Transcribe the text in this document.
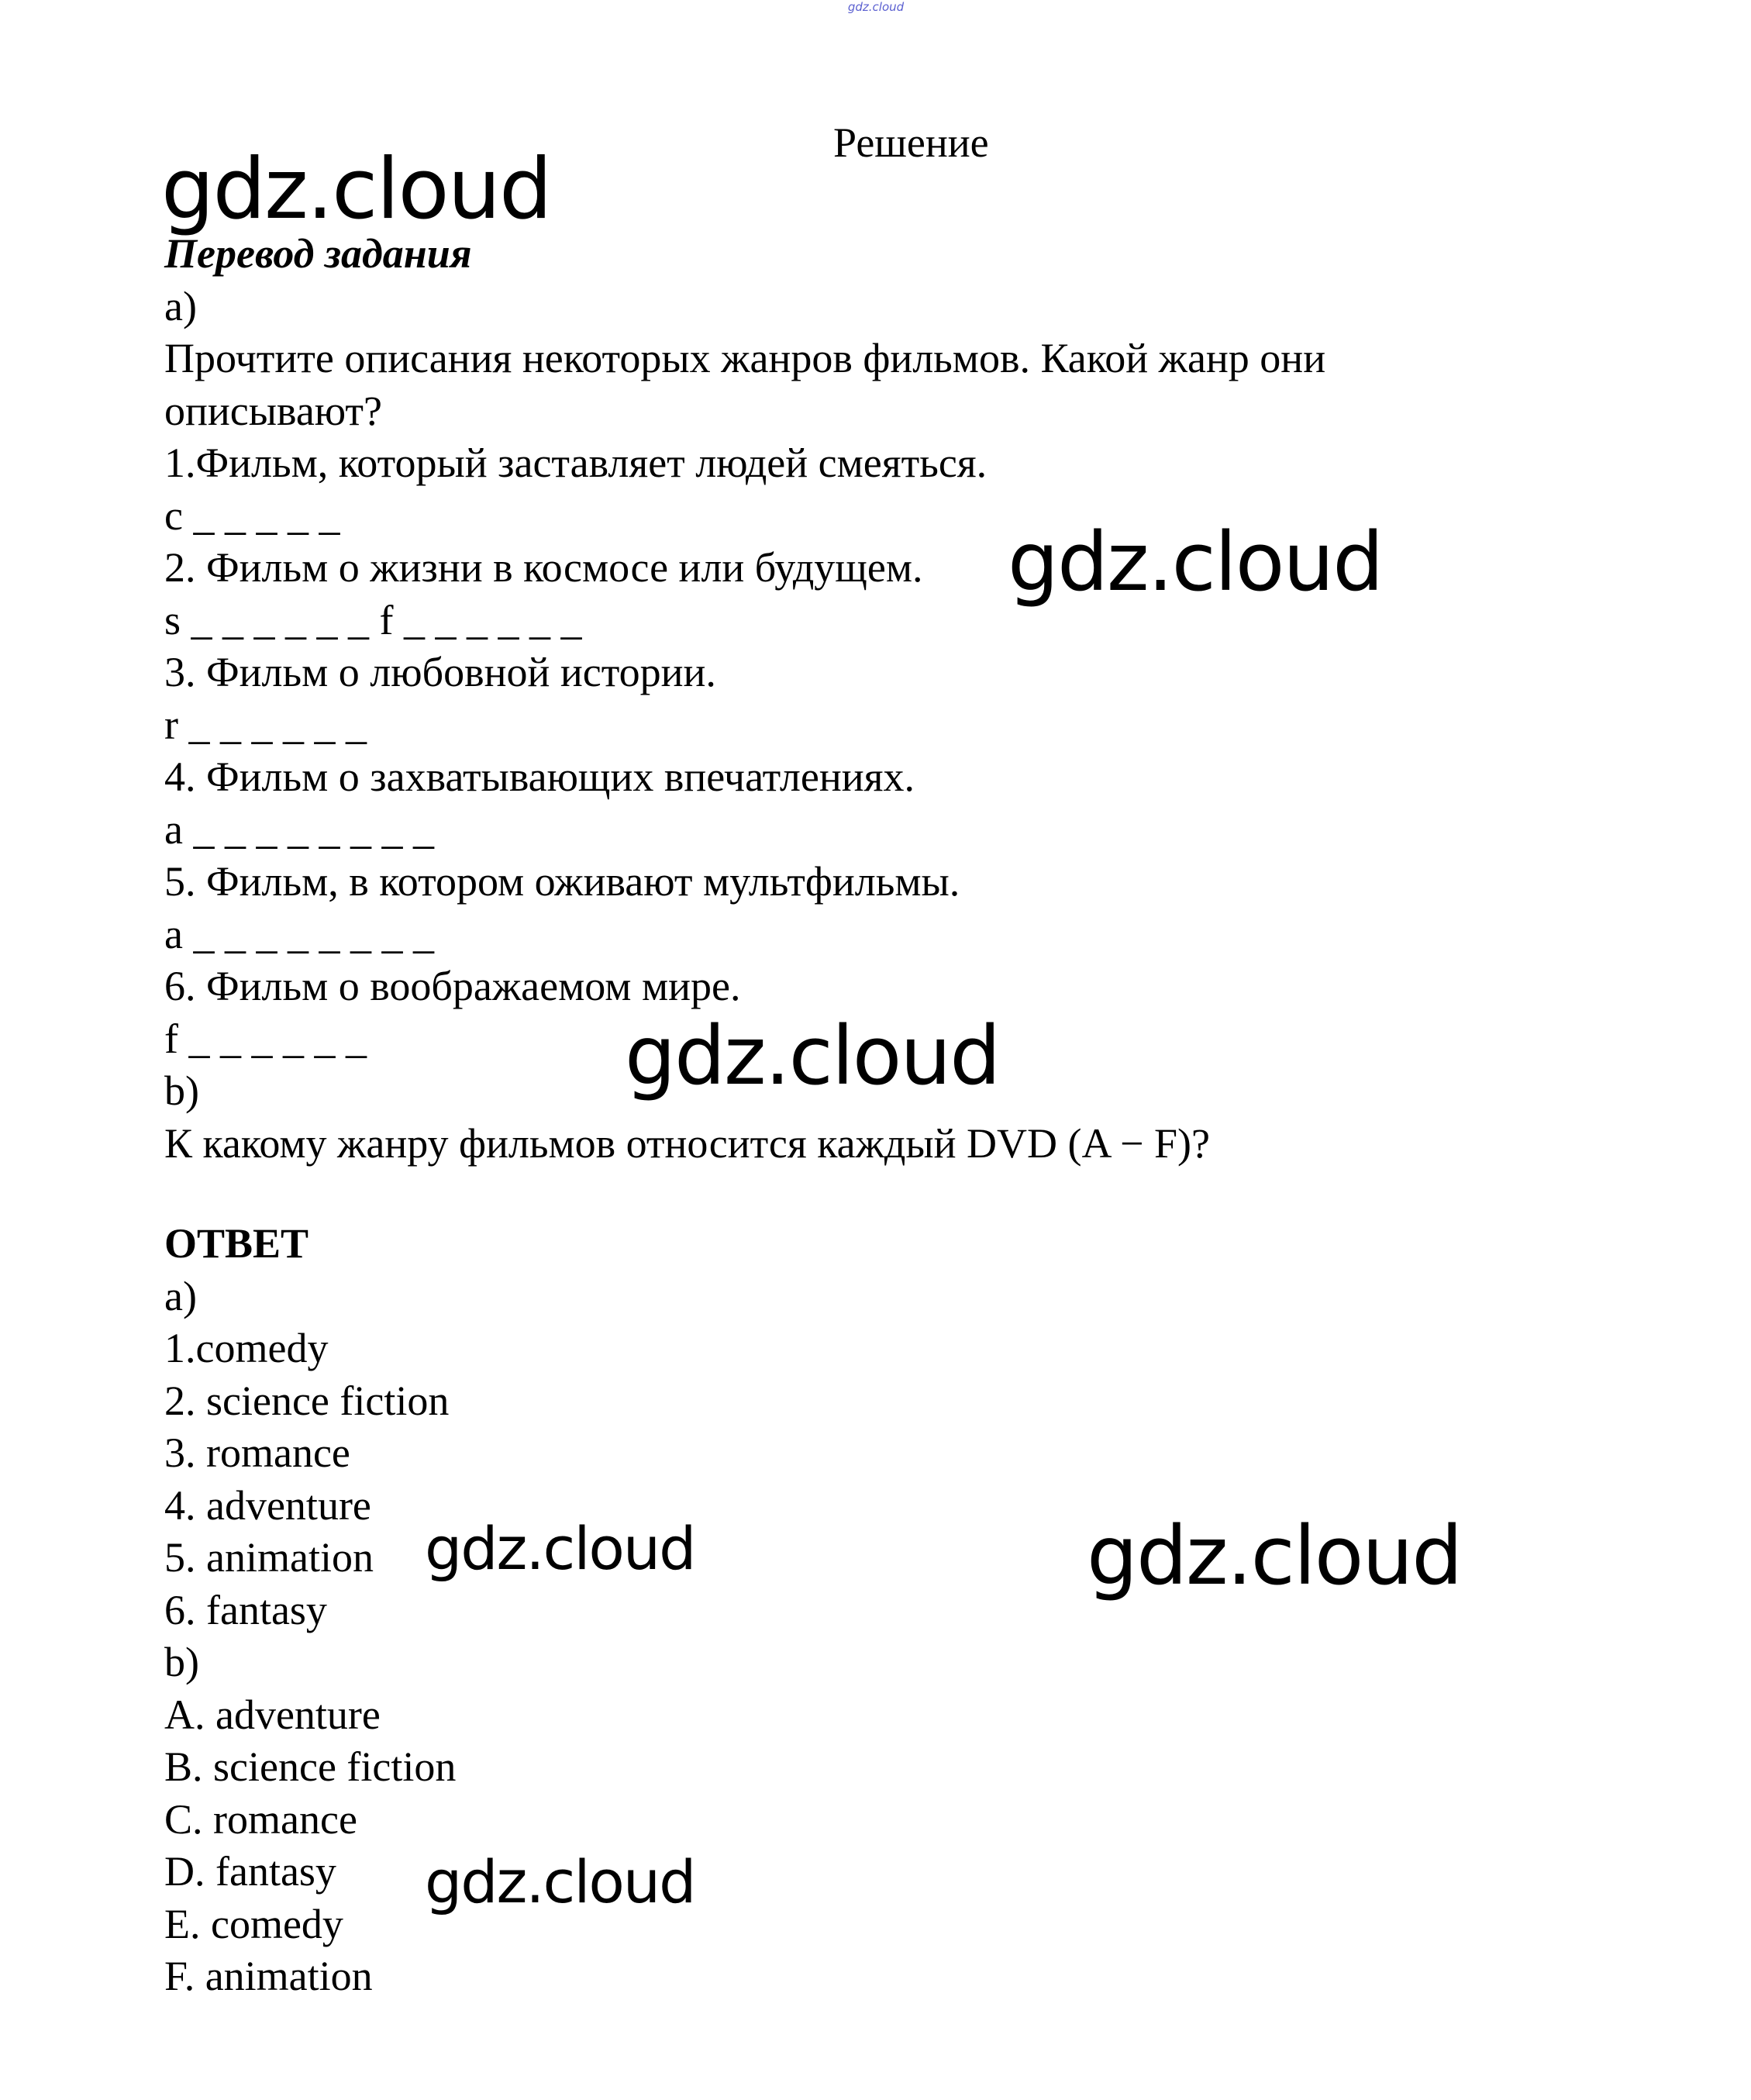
gdz.cloud
Решение
Перевод задания
a)
Прочтите описания некоторых жанров фильмов. Какой жанр они
описывают?
1.Фильм, который заставляет людей смеяться.
c _ _ _ _ _
2. Фильм о жизни в космосе или будущем.
s _ _ _ _ _ _ f _ _ _ _ _ _
3. Фильм о любовной истории.
r _ _ _ _ _ _
4. Фильм о захватывающих впечатлениях.
a _ _ _ _ _ _ _ _
5. Фильм, в котором оживают мультфильмы.
a _ _ _ _ _ _ _ _
6. Фильм о воображаемом мире.
f _ _ _ _ _ _
b)
К какому жанру фильмов относится каждый DVD (A − F)?
ОТВЕТ
a)
1.comedy
2. science fiction
3. romance
4. adventure
5. animation
6. fantasy
b)
A. adventure
B. science fiction
C. romance
D. fantasy
E. comedy
F. animation
gdz.cloud
gdz.cloud
gdz.cloud
gdz.cloud	gdz.cloud
gdz.cloud
